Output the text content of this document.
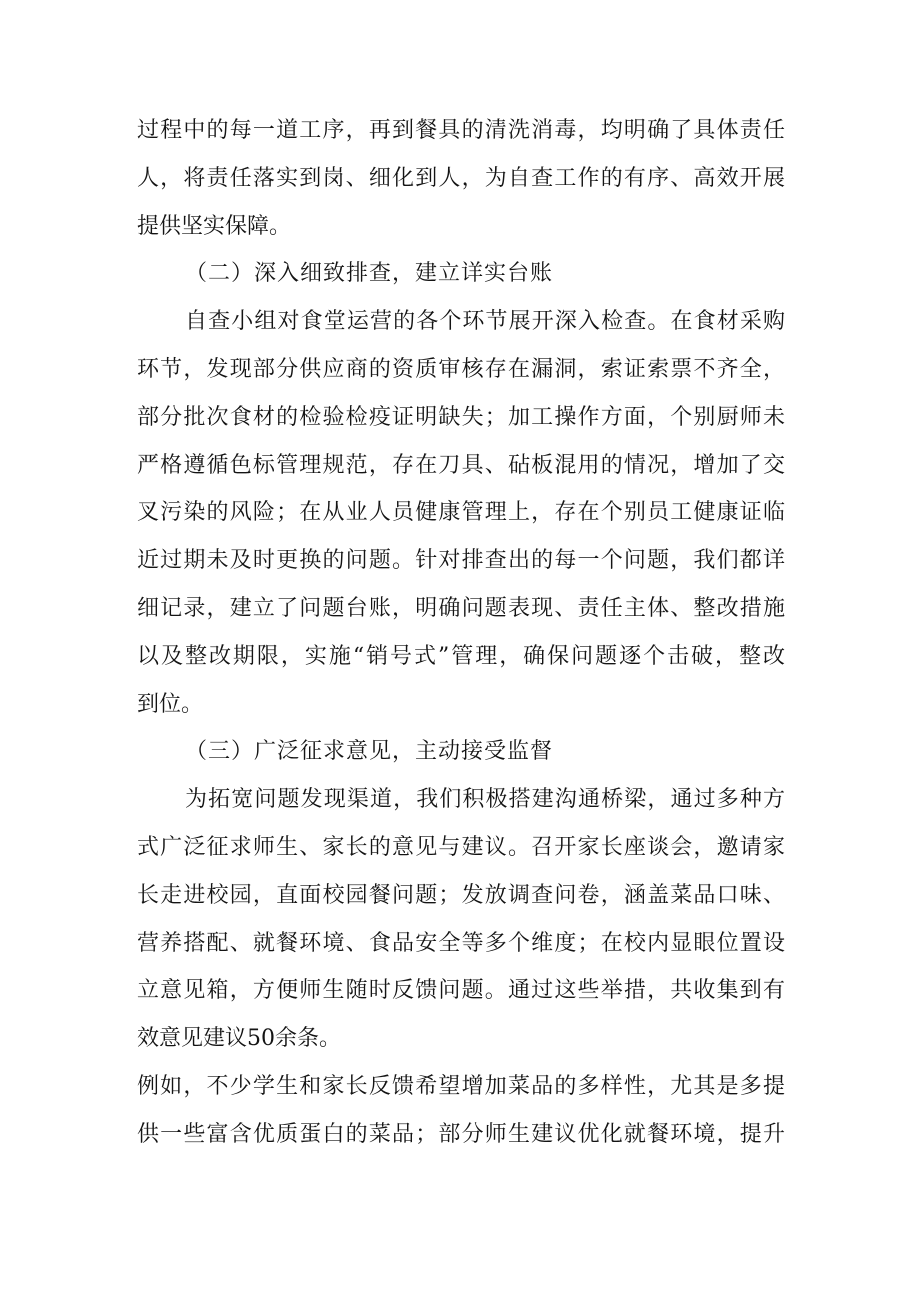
过程中的每一道工序，再到餐具的清洗消毒，均明确了具体责任
人，将责任落实到岗、细化到人，为自查工作的有序、高效开展
提供坚实保障。
（二）深入细致排查，建立详实台账
自查小组对食堂运营的各个环节展开深入检查。在食材采购
环节，发现部分供应商的资质审核存在漏洞，索证索票不齐全，
部分批次食材的检验检疫证明缺失；加工操作方面，个别厨师未
严格遵循色标管理规范，存在刀具、砧板混用的情况，增加了交
叉污染的风险；在从业人员健康管理上，存在个别员工健康证临
近过期未及时更换的问题。针对排查出的每一个问题，我们都详
细记录，建立了问题台账，明确问题表现、责任主体、整改措施
以及整改期限，实施“销号式”管理，确保问题逐个击破，整改
到位。
（三）广泛征求意见，主动接受监督
为拓宽问题发现渠道，我们积极搭建沟通桥梁，通过多种方
式广泛征求师生、家长的意见与建议。召开家长座谈会，邀请家
长走进校园，直面校园餐问题；发放调查问卷，涵盖菜品口味、
营养搭配、就餐环境、食品安全等多个维度；在校内显眼位置设
立意见箱，方便师生随时反馈问题。通过这些举措，共收集到有
效意见建议50余条。
例如，不少学生和家长反馈希望增加菜品的多样性，尤其是多提
供一些富含优质蛋白的菜品；部分师生建议优化就餐环境，提升
